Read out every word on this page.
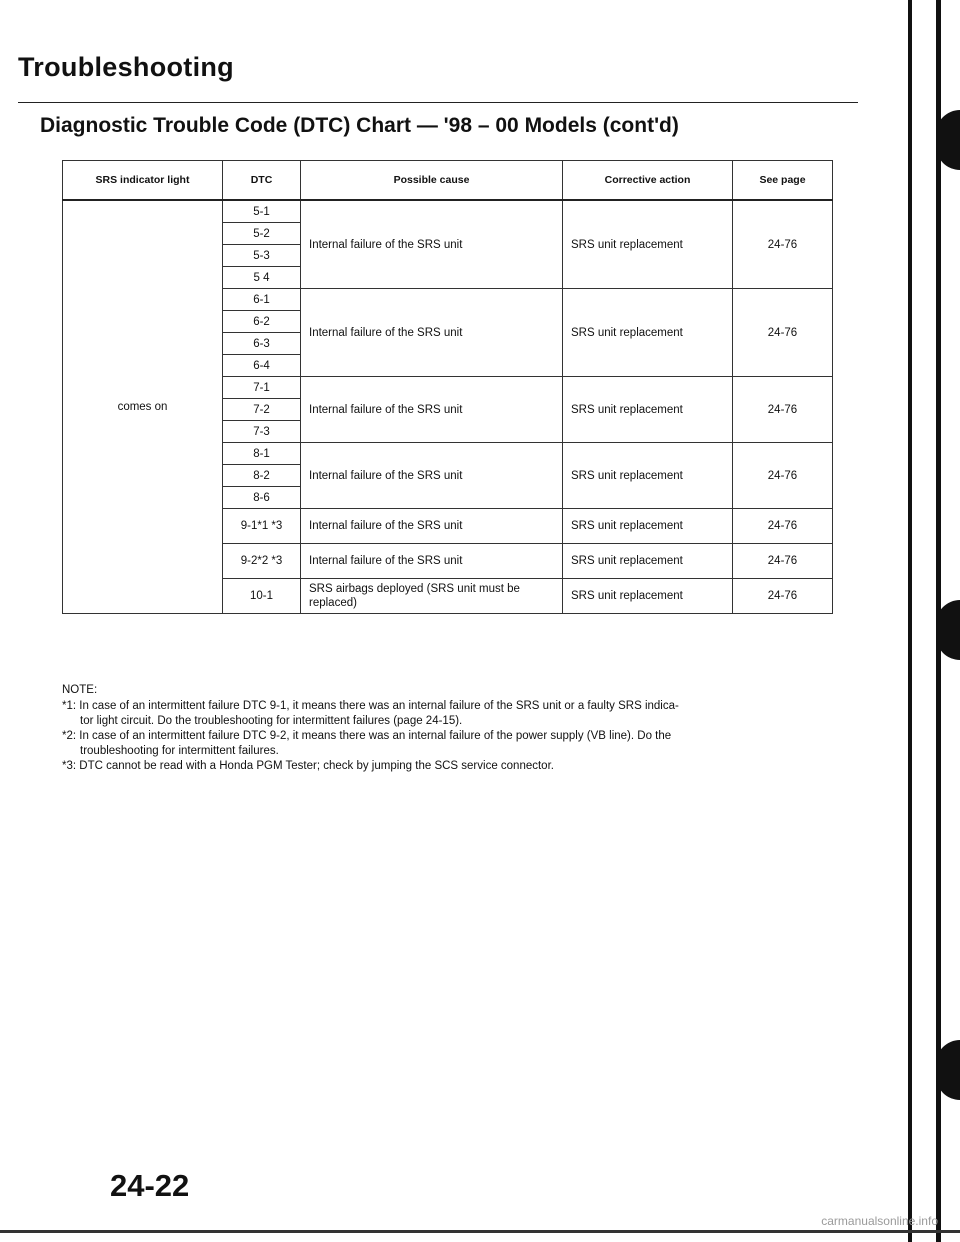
Troubleshooting
Diagnostic Trouble Code (DTC) Chart — '98 – 00 Models (cont'd)
SRS indicator light	DTC	Possible cause	Corrective action	See page
comes on	5-1	Internal failure of the SRS unit	SRS unit replacement	24-76
	5-2			
	5-3			
	5 4			
	6-1	Internal failure of the SRS unit	SRS unit replacement	24-76
	6-2			
	6-3			
	6-4			
	7-1	Internal failure of the SRS unit	SRS unit replacement	24-76
	7-2			
	7-3			
	8-1	Internal failure of the SRS unit	SRS unit replacement	24-76
	8-2			
	8-6			
	9-1*1 *3	Internal failure of the SRS unit	SRS unit replacement	24-76
	9-2*2 *3	Internal failure of the SRS unit	SRS unit replacement	24-76
	10-1	SRS airbags deployed (SRS unit must be replaced)	SRS unit replacement	24-76
NOTE:
*1: In case of an intermittent failure DTC 9-1, it means there was an internal failure of the SRS unit or a faulty SRS indica-
tor light circuit. Do the troubleshooting for intermittent failures (page 24-15).
*2: In case of an intermittent failure DTC 9-2, it means there was an internal failure of the power supply (VB line). Do the
troubleshooting for intermittent failures.
*3: DTC cannot be read with a Honda PGM Tester; check by jumping the SCS service connector.
24-22
carmanualsonline.info
